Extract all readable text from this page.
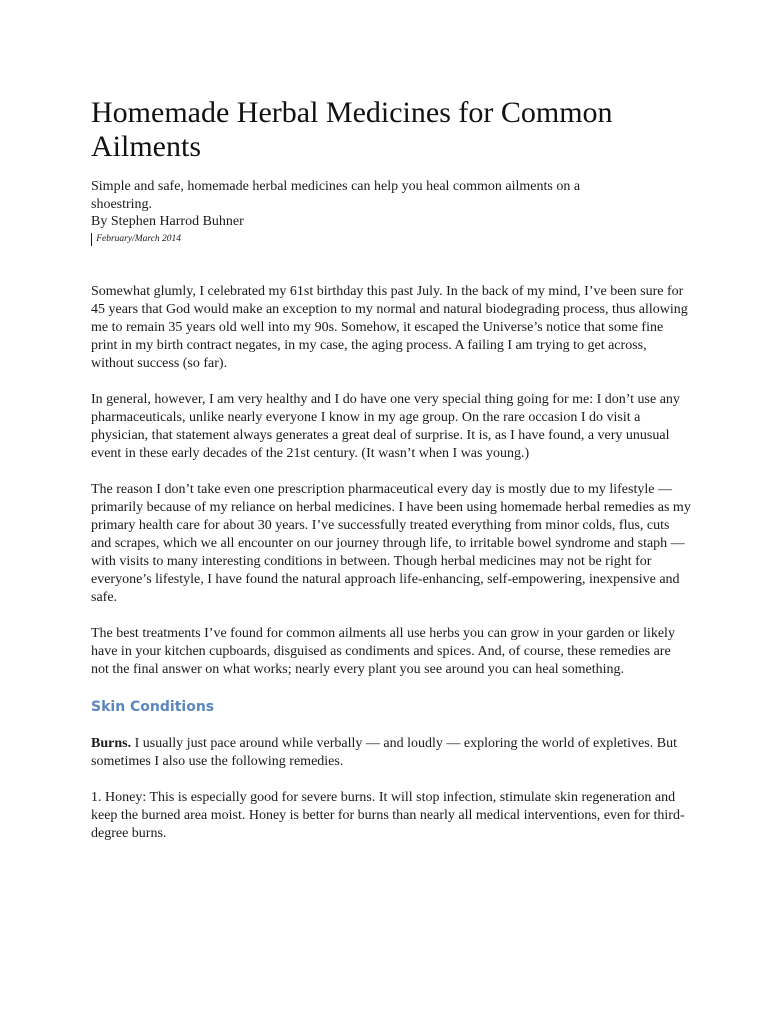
Homemade Herbal Medicines for Common
Ailments
Simple and safe, homemade herbal medicines can help you heal common ailments on a
shoestring.
By Stephen Harrod Buhner
February/March 2014

Somewhat glumly, I celebrated my 61st birthday this past July. In the back of my mind, I’ve been sure for 45 years that God would make an exception to my normal and natural biodegrading process, thus allowing me to remain 35 years old well into my 90s. Somehow, it escaped the Universe’s notice that some fine print in my birth contract negates, in my case, the aging process. A failing I am trying to get across, without success (so far).

In general, however, I am very healthy and I do have one very special thing going for me: I don’t use any pharmaceuticals, unlike nearly everyone I know in my age group. On the rare occasion I do visit a physician, that statement always generates a great deal of surprise. It is, as I have found, a very unusual event in these early decades of the 21st century. (It wasn’t when I was young.)

The reason I don’t take even one prescription pharmaceutical every day is mostly due to my lifestyle — primarily because of my reliance on herbal medicines. I have been using homemade herbal remedies as my primary health care for about 30 years. I’ve successfully treated everything from minor colds, flus, cuts and scrapes, which we all encounter on our journey through life, to irritable bowel syndrome and staph — with visits to many interesting conditions in between. Though herbal medicines may not be right for everyone’s lifestyle, I have found the natural approach life-enhancing, self-empowering, inexpensive and safe.

The best treatments I’ve found for common ailments all use herbs you can grow in your garden or likely have in your kitchen cupboards, disguised as condiments and spices. And, of course, these remedies are not the final answer on what works; nearly every plant you see around you can heal something.

Skin Conditions

Burns. I usually just pace around while verbally — and loudly — exploring the world of expletives. But sometimes I also use the following remedies.

1. Honey: This is especially good for severe burns. It will stop infection, stimulate skin regeneration and keep the burned area moist. Honey is better for burns than nearly all medical interventions, even for third-degree burns.
